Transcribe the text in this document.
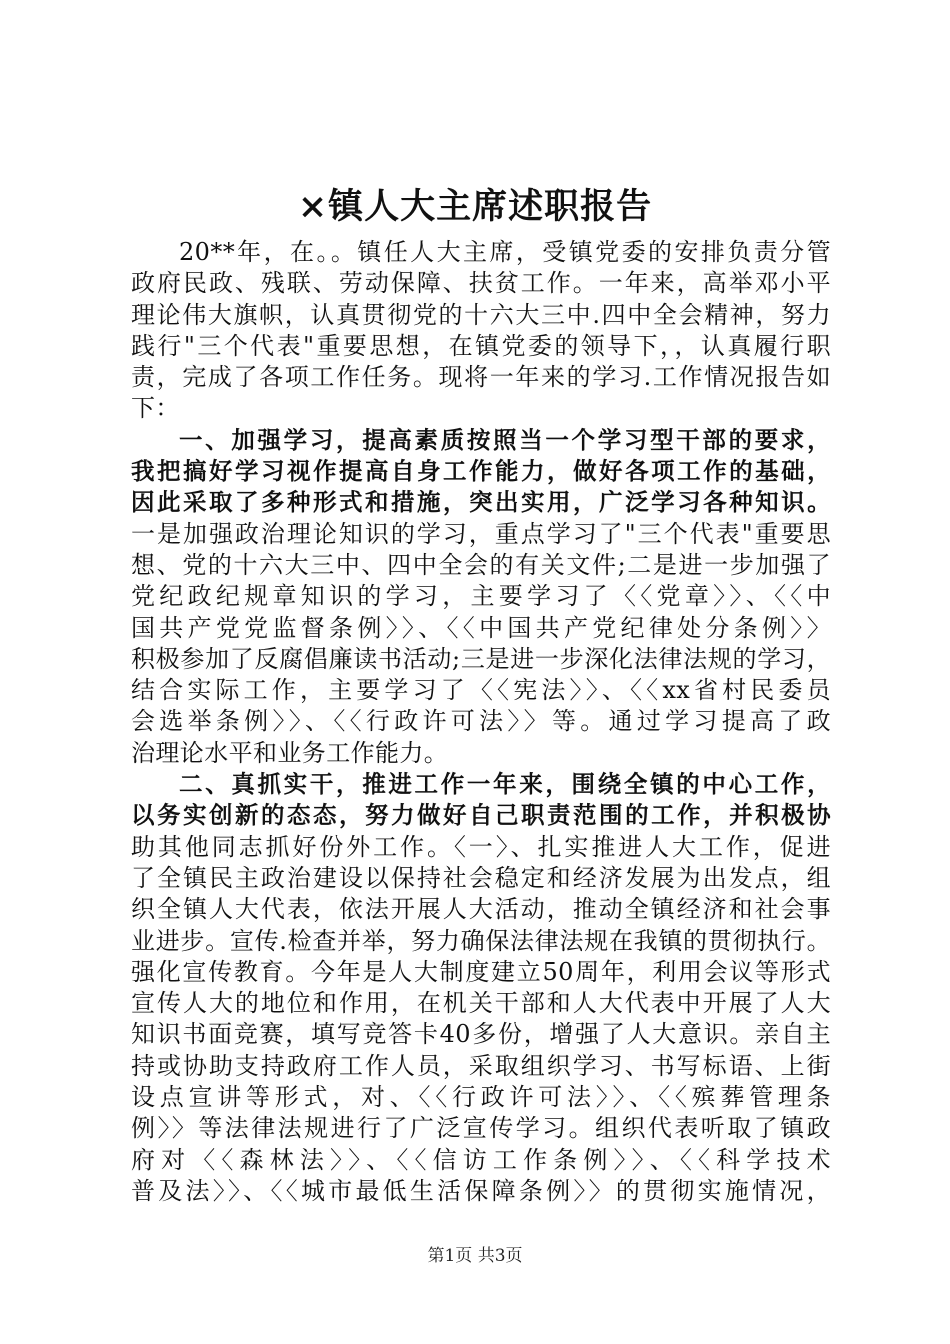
×镇人大主席述职报告
20**年，在。。镇任人大主席，受镇党委的安排负责分管
政府民政、残联、劳动保障、扶贫工作。一年来，高举邓小平
理论伟大旗帜，认真贯彻党的十六大三中.四中全会精神，努力
践行"三个代表"重要思想，在镇党委的领导下，，认真履行职
责，完成了各项工作任务。现将一年来的学习.工作情况报告如
下：
一、加强学习，提高素质按照当一个学习型干部的要求，
我把搞好学习视作提高自身工作能力，做好各项工作的基础，
因此采取了多种形式和措施，突出实用，广泛学习各种知识。
一是加强政治理论知识的学习，重点学习了"三个代表"重要思
想、党的十六大三中、四中全会的有关文件;二是进一步加强了
党纪政纪规章知识的学习，主要学习了〈〈党章〉〉、〈〈中
国共产党党监督条例〉〉、〈〈中国共产党纪律处分条例〉〉
积极参加了反腐倡廉读书活动;三是进一步深化法律法规的学习，
结合实际工作，主要学习了〈〈宪法〉〉、〈〈xx省村民委员
会选举条例〉〉、〈〈行政许可法〉〉等。通过学习提高了政
治理论水平和业务工作能力。
二、真抓实干，推进工作一年来，围绕全镇的中心工作，
以务实创新的态态，努力做好自己职责范围的工作，并积极协
助其他同志抓好份外工作。〈一〉、扎实推进人大工作，促进
了全镇民主政治建设以保持社会稳定和经济发展为出发点，组
织全镇人大代表，依法开展人大活动，推动全镇经济和社会事
业进步。宣传.检查并举，努力确保法律法规在我镇的贯彻执行。
强化宣传教育。今年是人大制度建立50周年，利用会议等形式
宣传人大的地位和作用，在机关干部和人大代表中开展了人大
知识书面竞赛，填写竞答卡40多份，增强了人大意识。亲自主
持或协助支持政府工作人员，采取组织学习、书写标语、上街
设点宣讲等形式，对、〈〈行政许可法〉〉、〈〈殡葬管理条
例〉〉等法律法规进行了广泛宣传学习。组织代表听取了镇政
府对〈〈森林法〉〉、〈〈信访工作条例〉〉、〈〈科学技术
普及法〉〉、〈〈城市最低生活保障条例〉〉的贯彻实施情况，
第1页 共3页
